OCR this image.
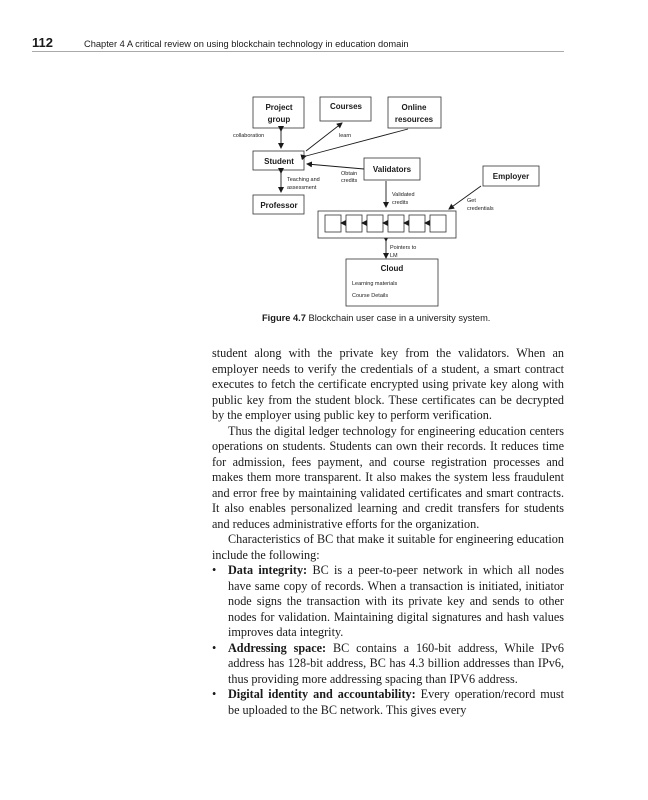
112	Chapter 4 A critical review on using blockchain technology in education domain
Project
group
Courses	Online
resources
Student
Validators
Employer
Professor
collaboration	learn
Obtain
credits
Teaching and
assessment
Validated
credits	Get
credentials
Pointers to
LM
Cloud
Learning materials
Course Details
Figure 4.7 Blockchain user case in a university system.

student along with the private key from the validators. When an employer needs to verify the credentials of a student, a smart contract executes to fetch the certificate encrypted using private key along with public key from the student block. These certificates can be decrypted by the employer using public key to perform verification.

Thus the digital ledger technology for engineering education centers operations on students. Students can own their records. It reduces time for admission, fees payment, and course registration processes and makes them more transparent. It also makes the system less fraudulent and error free by maintaining validated certificates and smart contracts. It also enables personalized learning and credit transfers for students and reduces administrative efforts for the organization.

Characteristics of BC that make it suitable for engineering education include the following:

• Data integrity: BC is a peer-to-peer network in which all nodes have same copy of records. When a transaction is initiated, initiator node signs the transaction with its private key and sends to other nodes for validation. Maintaining digital signatures and hash values improves data integrity.
• Addressing space: BC contains a 160-bit address, While IPv6 address has 128-bit address, BC has 4.3 billion addresses than IPv6, thus providing more addressing spacing than IPV6 address.
• Digital identity and accountability: Every operation/record must be uploaded to the BC network. This gives every
